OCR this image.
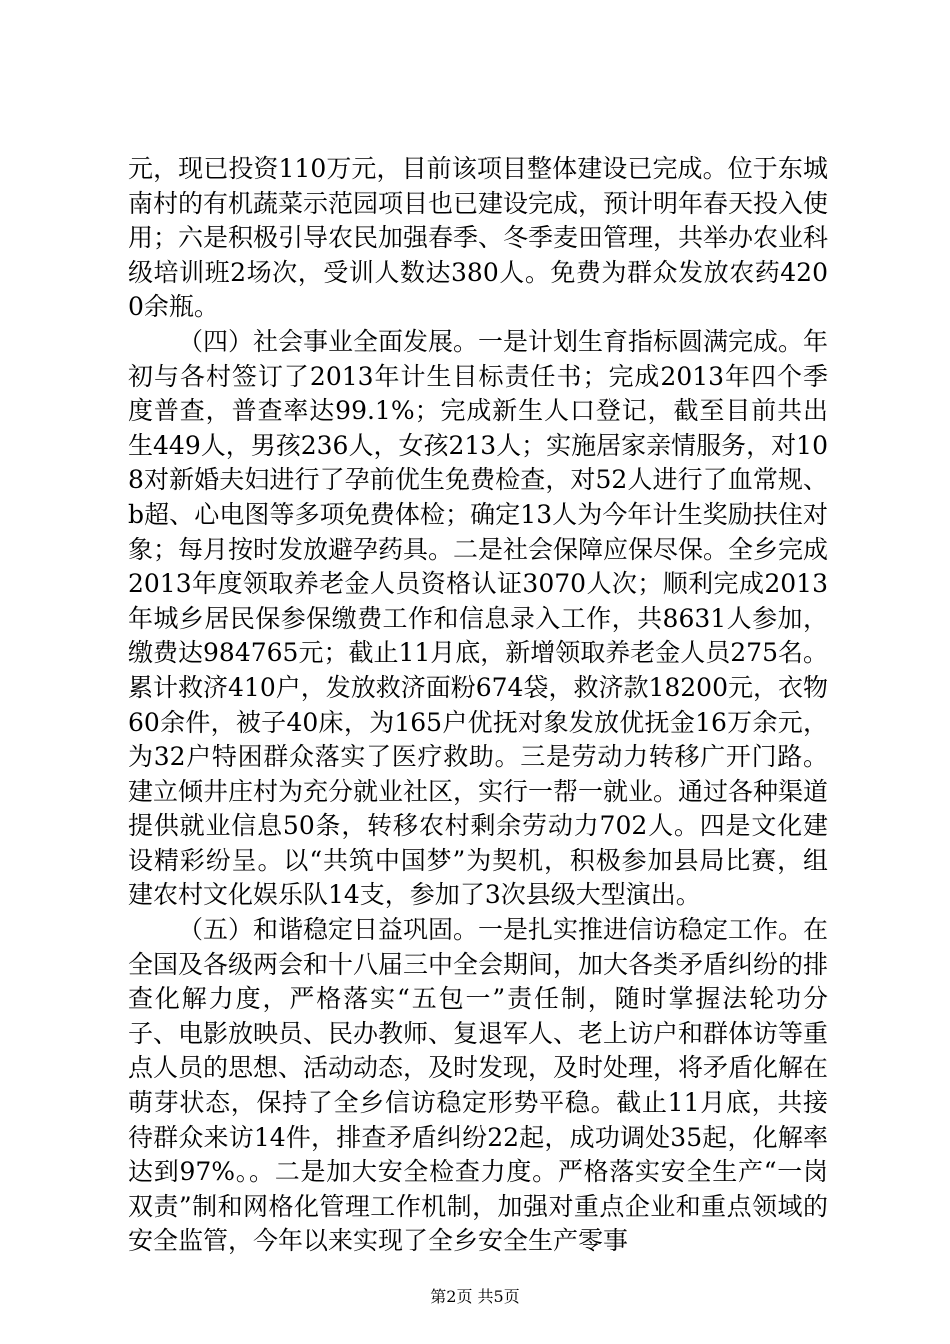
元，现已投资110万元，目前该项目整体建设已完成。位于东城南村的有机蔬菜示范园项目也已建设完成，预计明年春天投入使用；六是积极引导农民加强春季、冬季麦田管理，共举办农业科级培训班2场次，受训人数达380人。免费为群众发放农药4200余瓶。

（四）社会事业全面发展。一是计划生育指标圆满完成。年初与各村签订了2013年计生目标责任书；完成2013年四个季度普查，普查率达99.1%；完成新生人口登记，截至目前共出生449人，男孩236人，女孩213人；实施居家亲情服务，对108对新婚夫妇进行了孕前优生免费检查，对52人进行了血常规、b超、心电图等多项免费体检；确定13人为今年计生奖励扶住对象；每月按时发放避孕药具。二是社会保障应保尽保。全乡完成2013年度领取养老金人员资格认证3070人次；顺利完成2013年城乡居民保参保缴费工作和信息录入工作，共8631人参加，缴费达984765元；截止11月底，新增领取养老金人员275名。累计救济410户，发放救济面粉674袋，救济款18200元，衣物60余件，被子40床，为165户优抚对象发放优抚金16万余元，为32户特困群众落实了医疗救助。三是劳动力转移广开门路。建立倾井庄村为充分就业社区，实行一帮一就业。通过各种渠道提供就业信息50条，转移农村剩余劳动力702人。四是文化建设精彩纷呈。以“共筑中国梦”为契机，积极参加县局比赛，组建农村文化娱乐队14支，参加了3次县级大型演出。

（五）和谐稳定日益巩固。一是扎实推进信访稳定工作。在全国及各级两会和十八届三中全会期间，加大各类矛盾纠纷的排查化解力度，严格落实“五包一”责任制，随时掌握法轮功分子、电影放映员、民办教师、复退军人、老上访户和群体访等重点人员的思想、活动动态，及时发现，及时处理，将矛盾化解在萌芽状态，保持了全乡信访稳定形势平稳。截止11月底，共接待群众来访14件，排查矛盾纠纷22起，成功调处35起，化解率达到97%。。二是加大安全检查力度。严格落实安全生产“一岗双责”制和网格化管理工作机制，加强对重点企业和重点领域的安全监管，今年以来实现了全乡安全生产零事

第2页 共5页
